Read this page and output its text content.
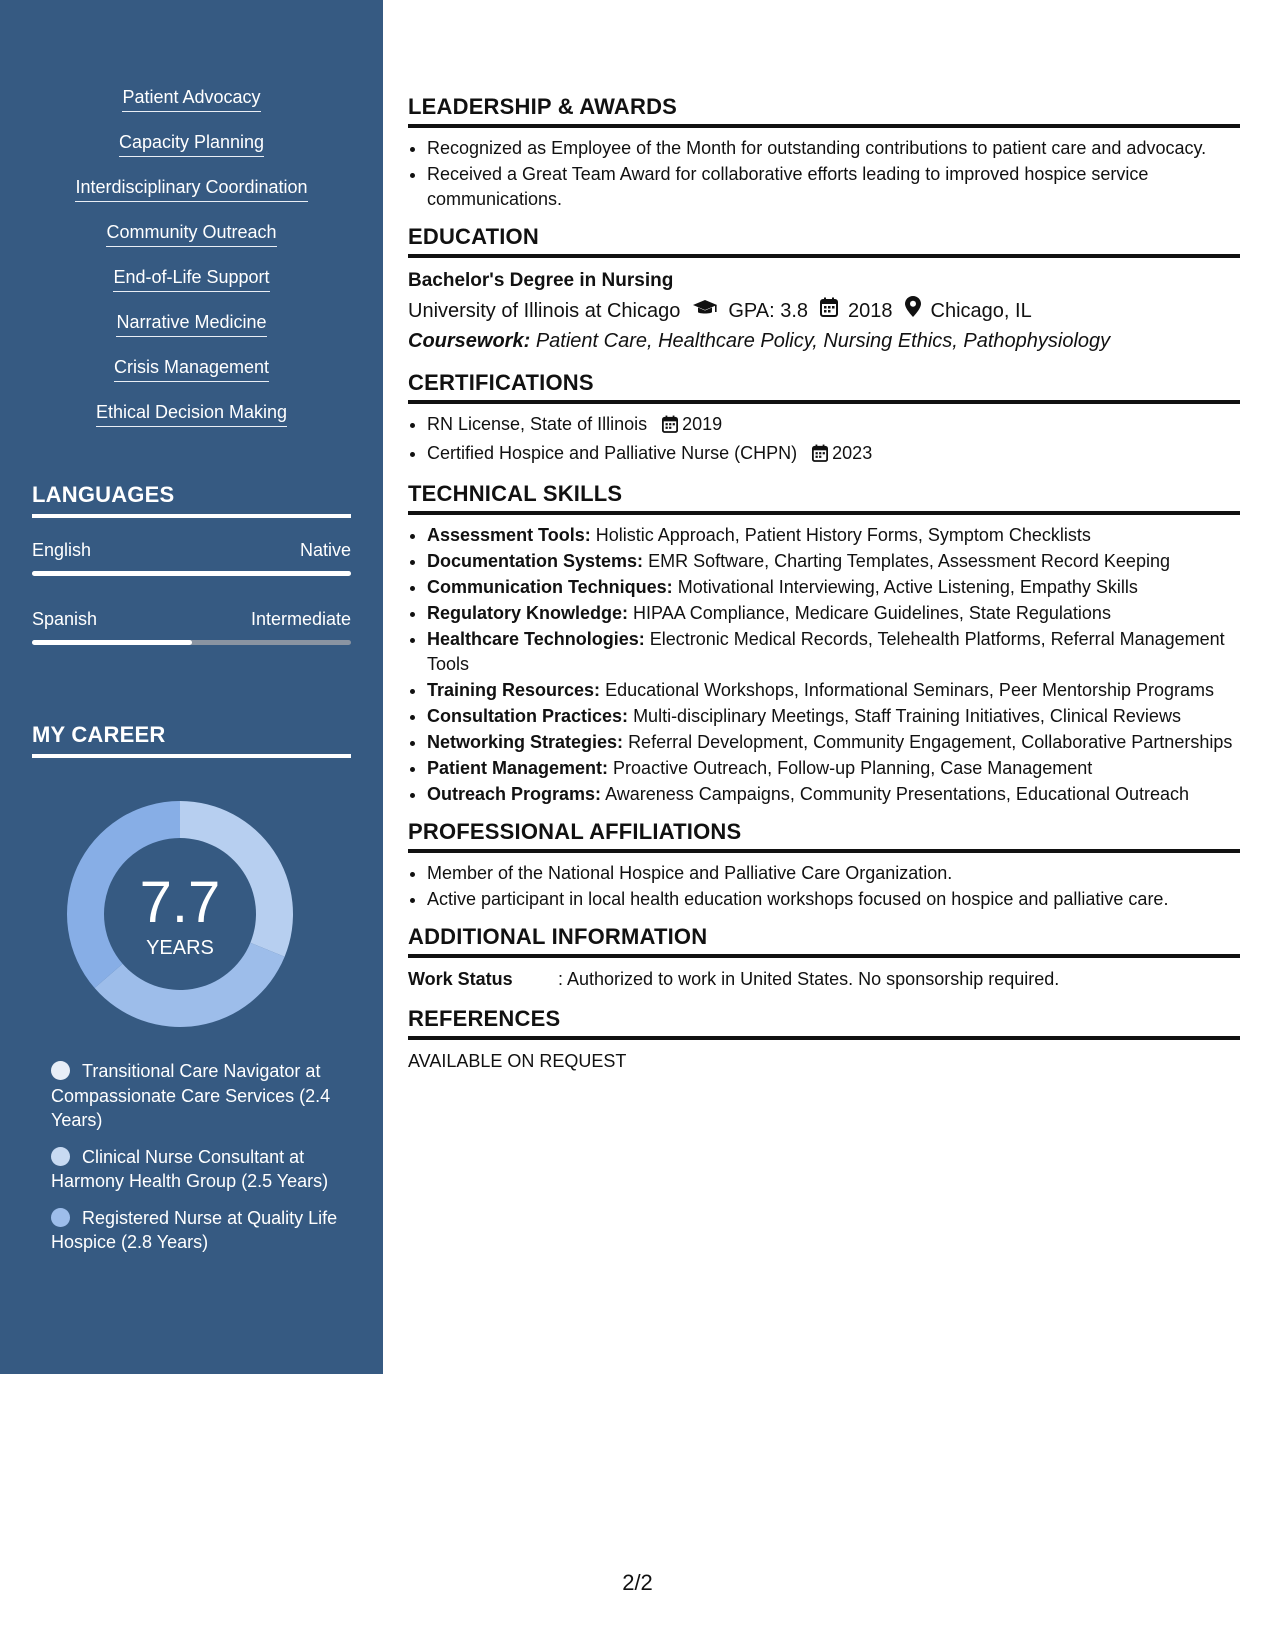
Patient Advocacy
Capacity Planning
Interdisciplinary Coordination
Community Outreach
End-of-Life Support
Narrative Medicine
Crisis Management
Ethical Decision Making
LANGUAGES
English	Native
Spanish	Intermediate
MY CAREER
7.7
YEARS
Transitional Care Navigator at Compassionate Care Services (2.4 Years)
Clinical Nurse Consultant at Harmony Health Group (2.5 Years)
Registered Nurse at Quality Life Hospice (2.8 Years)
LEADERSHIP & AWARDS
• Recognized as Employee of the Month for outstanding contributions to patient care and advocacy.
• Received a Great Team Award for collaborative efforts leading to improved hospice service communications.
EDUCATION
Bachelor's Degree in Nursing
University of Illinois at Chicago GPA: 3.8 2018 Chicago, IL
Coursework: Patient Care, Healthcare Policy, Nursing Ethics, Pathophysiology
CERTIFICATIONS
• RN License, State of Illinois 2019
• Certified Hospice and Palliative Nurse (CHPN) 2023
TECHNICAL SKILLS
• Assessment Tools: Holistic Approach, Patient History Forms, Symptom Checklists
• Documentation Systems: EMR Software, Charting Templates, Assessment Record Keeping
• Communication Techniques: Motivational Interviewing, Active Listening, Empathy Skills
• Regulatory Knowledge: HIPAA Compliance, Medicare Guidelines, State Regulations
• Healthcare Technologies: Electronic Medical Records, Telehealth Platforms, Referral Management Tools
• Training Resources: Educational Workshops, Informational Seminars, Peer Mentorship Programs
• Consultation Practices: Multi-disciplinary Meetings, Staff Training Initiatives, Clinical Reviews
• Networking Strategies: Referral Development, Community Engagement, Collaborative Partnerships
• Patient Management: Proactive Outreach, Follow-up Planning, Case Management
• Outreach Programs: Awareness Campaigns, Community Presentations, Educational Outreach
PROFESSIONAL AFFILIATIONS
• Member of the National Hospice and Palliative Care Organization.
• Active participant in local health education workshops focused on hospice and palliative care.
ADDITIONAL INFORMATION
Work Status	: Authorized to work in United States. No sponsorship required.
REFERENCES
AVAILABLE ON REQUEST
2/2
